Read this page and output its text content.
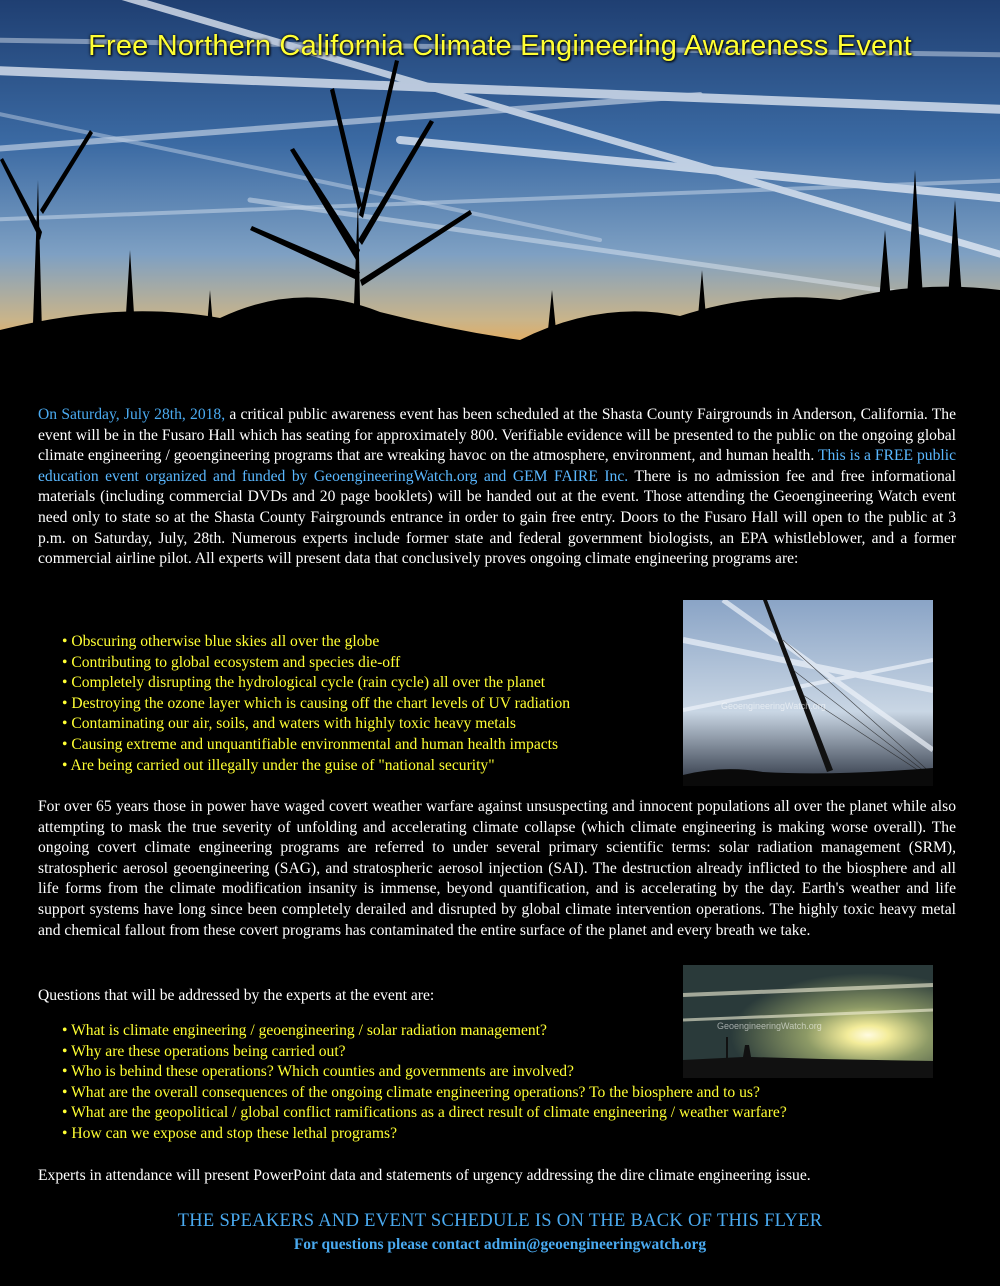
Free Northern California Climate Engineering Awareness Event
On Saturday, July 28th, 2018, a critical public awareness event has been scheduled at the Shasta County Fairgrounds in Anderson, California. The event will be in the Fusaro Hall which has seating for approximately 800. Verifiable evidence will be presented to the public on the ongoing global climate engineering / geoengineering programs that are wreaking havoc on the atmosphere, environment, and human health. This is a FREE public education event organized and funded by GeoengineeringWatch.org and GEM FAIRE Inc. There is no admission fee and free informational materials (including commercial DVDs and 20 page booklets) will be handed out at the event. Those attending the Geoengineering Watch event need only to state so at the Shasta County Fairgrounds entrance in order to gain free entry. Doors to the Fusaro Hall will open to the public at 3 p.m. on Saturday, July, 28th. Numerous experts include former state and federal government biologists, an EPA whistleblower, and a former commercial airline pilot. All experts will present data that conclusively proves ongoing climate engineering programs are:
GeoengineeringWatch.org
• Obscuring otherwise blue skies all over the globe
• Contributing to global ecosystem and species die-off
• Completely disrupting the hydrological cycle (rain cycle) all over the planet
• Destroying the ozone layer which is causing off the chart levels of UV radiation
• Contaminating our air, soils, and waters with highly toxic heavy metals
• Causing extreme and unquantifiable environmental and human health impacts
• Are being carried out illegally under the guise of "national security"
For over 65 years those in power have waged covert weather warfare against unsuspecting and innocent populations all over the planet while also attempting to mask the true severity of unfolding and accelerating climate collapse (which climate engineering is making worse overall). The ongoing covert climate engineering programs are referred to under several primary scientific terms: solar radiation management (SRM), stratospheric aerosol geoengineering (SAG), and stratospheric aerosol injection (SAI). The destruction already inflicted to the biosphere and all life forms from the climate modification insanity is immense, beyond quantification, and is accelerating by the day. Earth's weather and life support systems have long since been completely derailed and disrupted by global climate intervention operations. The highly toxic heavy metal and chemical fallout from these covert programs has contaminated the entire surface of the planet and every breath we take.
Questions that will be addressed by the experts at the event are:
GeoengineeringWatch.org
• What is climate engineering / geoengineering / solar radiation management?
• Why are these operations being carried out?
• Who is behind these operations? Which counties and governments are involved?
• What are the overall consequences of the ongoing climate engineering operations? To the biosphere and to us?
• What are the geopolitical / global conflict ramifications as a direct result of climate engineering / weather warfare?
• How can we expose and stop these lethal programs?
Experts in attendance will present PowerPoint data and statements of urgency addressing the dire climate engineering issue.
THE SPEAKERS AND EVENT SCHEDULE IS ON THE BACK OF THIS FLYER
For questions please contact admin@geoengineeringwatch.org
